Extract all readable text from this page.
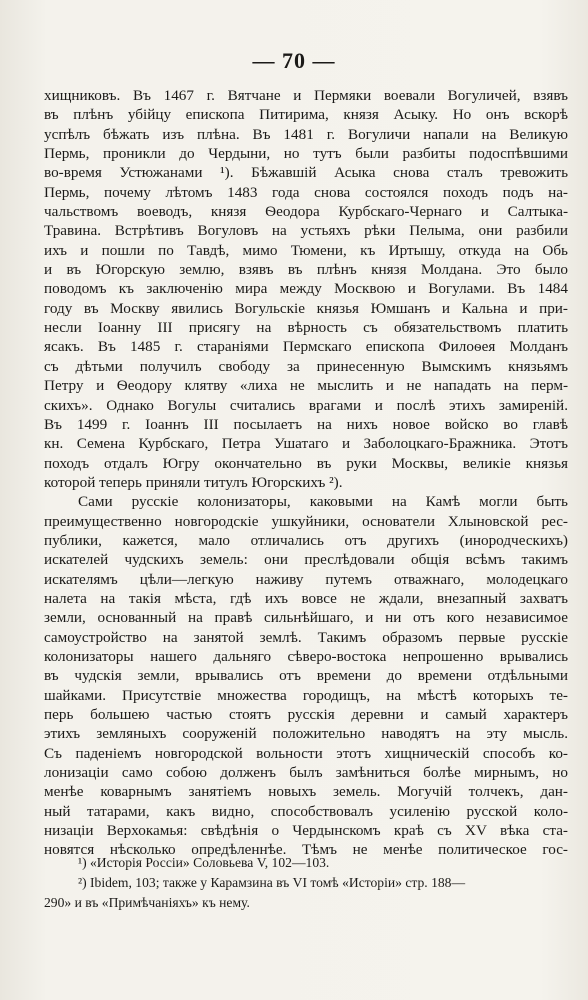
— 70 —
хищниковъ. Въ 1467 г. Вятчане и Пермяки воевали Вогуличей, взявъ
въ плѣнъ убійцу епископа Питирима, князя Асыку. Но онъ вскорѣ
успѣлъ бѣжать изъ плѣна. Въ 1481 г. Вогуличи напали на Великую
Пермь, проникли до Чердыни, но тутъ были разбиты подоспѣвшими
во-время Устюжанами ¹). Бѣжавшій Асыка снова сталъ тревожить
Пермь, почему лѣтомъ 1483 года снова состоялся походъ подъ на-
чальствомъ воеводъ, князя Ѳеодора Курбскаго-Чернаго и Салтыка-
Травина. Встрѣтивъ Вогуловъ на устьяхъ рѣки Пелыма, они разбили
ихъ и пошли по Тавдѣ, мимо Тюмени, къ Иртышу, откуда на Обь
и въ Югорскую землю, взявъ въ плѣнъ князя Молдана. Это было
поводомъ къ заключенію мира между Москвою и Вогулами. Въ 1484
году въ Москву явились Вогульскіе князья Юмшанъ и Кальна и при-
несли Іоанну III присягу на вѣрность съ обязательствомъ платить
ясакъ. Въ 1485 г. стараніями Пермскаго епископа Филоѳея Молданъ
съ дѣтьми получилъ свободу за принесенную Вымскимъ князьямъ
Петру и Ѳеодору клятву «лиха не мыслить и не нападать на перм-
скихъ». Однако Вогулы считались врагами и послѣ этихъ замиреній.
Въ 1499 г. Іоаннъ III посылаетъ на нихъ новое войско во главѣ
кн. Семена Курбскаго, Петра Ушатаго и Заболоцкаго-Бражника. Этотъ
походъ отдалъ Югру окончательно въ руки Москвы, великіе князья
которой теперь приняли титулъ Югорскихъ ²).
Сами русскіе колонизаторы, каковыми на Камѣ могли быть
преимущественно новгородскіе ушкуйники, основатели Хлыновской рес-
публики, кажется, мало отличались отъ другихъ (инородческихъ)
искателей чудскихъ земель: они преслѣдовали общія всѣмъ такимъ
искателямъ цѣли—легкую наживу путемъ отважнаго, молодецкаго
налета на такія мѣста, гдѣ ихъ вовсе не ждали, внезапный захватъ
земли, основанный на правѣ сильнѣйшаго, и ни отъ кого независимое
самоустройство на занятой землѣ. Такимъ образомъ первые русскіе
колонизаторы нашего дальняго сѣверо-востока непрошенно врывались
въ чудскія земли, врывались отъ времени до времени отдѣльными
шайками. Присутствіе множества городищъ, на мѣстѣ которыхъ те-
перь большею частью стоятъ русскія деревни и самый характеръ
этихъ земляныхъ сооруженій положительно наводятъ на эту мысль.
Съ паденіемъ новгородской вольности этотъ хищническій способъ ко-
лонизаціи само собою долженъ былъ замѣниться болѣе мирнымъ, но
менѣе коварнымъ занятіемъ новыхъ земель. Могучій толчекъ, дан-
ный татарами, какъ видно, способствовалъ усиленію русской коло-
низаціи Верхокамья: свѣдѣнія о Чердынскомъ краѣ съ XV вѣка ста-
новятся нѣсколько опредѣленнѣе. Тѣмъ не менѣе политическое гос-
¹) «Исторія Россіи» Соловьева V, 102—103.
²) Ibidem, 103; также у Карамзина въ VI томѣ «Исторіи» стр. 188—
290» и въ «Примѣчаніяхъ» къ нему.
